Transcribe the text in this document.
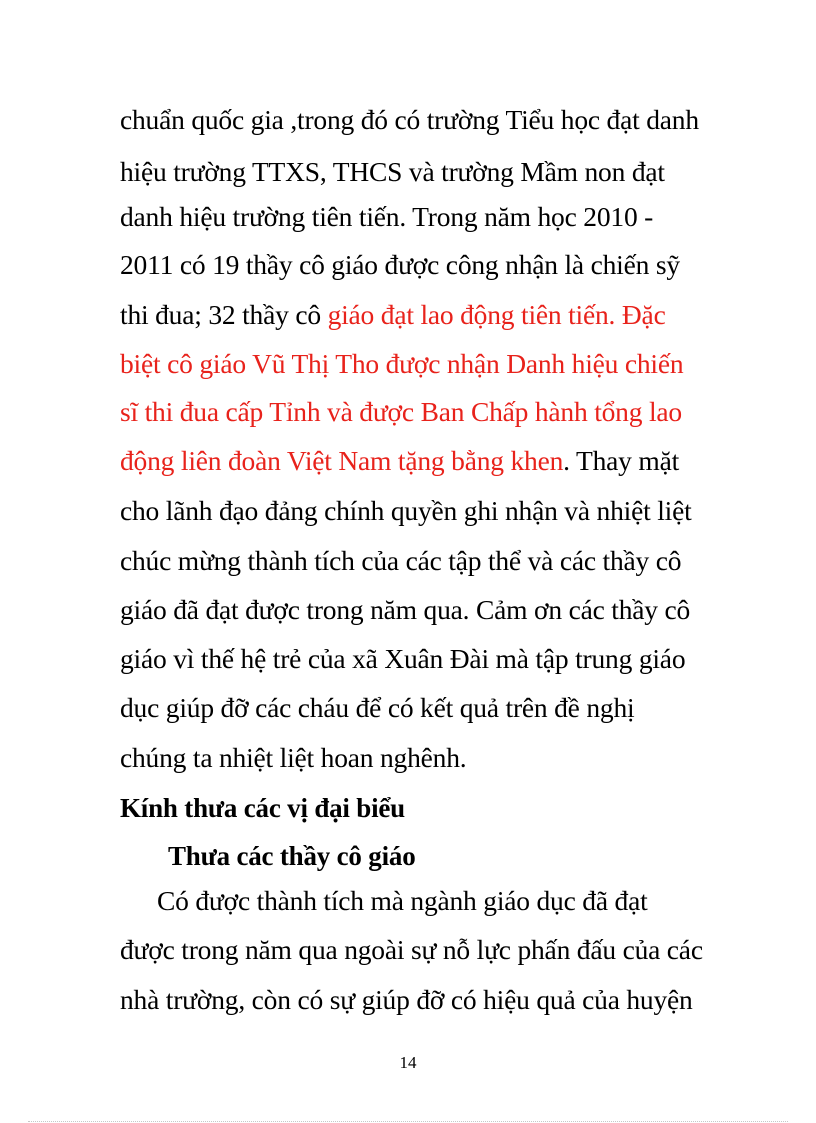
chuẩn quốc gia ,trong đó có trường Tiểu học đạt danh
hiệu trường TTXS, THCS và trường Mầm non đạt
danh hiệu trường tiên tiến. Trong năm học 2010 -
2011 có 19 thầy cô giáo được công nhận là chiến sỹ
thi đua; 32 thầy cô giáo đạt lao động tiên tiến. Đặc
biệt cô giáo Vũ Thị Tho được nhận Danh hiệu chiến
sĩ thi đua cấp Tỉnh và được Ban Chấp hành tổng lao
động liên đoàn Việt Nam tặng bằng khen. Thay mặt
cho lãnh đạo đảng chính quyền ghi nhận và nhiệt liệt
chúc mừng thành tích của các tập thể và các thầy cô
giáo đã đạt được trong năm qua. Cảm ơn các thầy cô
giáo vì thế hệ trẻ của xã Xuân Đài mà tập trung giáo
dục giúp đỡ các cháu để có kết quả trên đề nghị
chúng ta nhiệt liệt hoan nghênh.
Kính thưa các vị đại biểu
Thưa các thầy cô giáo
Có được thành tích mà ngành giáo dục đã đạt
được trong năm qua ngoài sự nỗ lực phấn đấu của các
nhà trường, còn có sự giúp đỡ có hiệu quả của huyện
14
